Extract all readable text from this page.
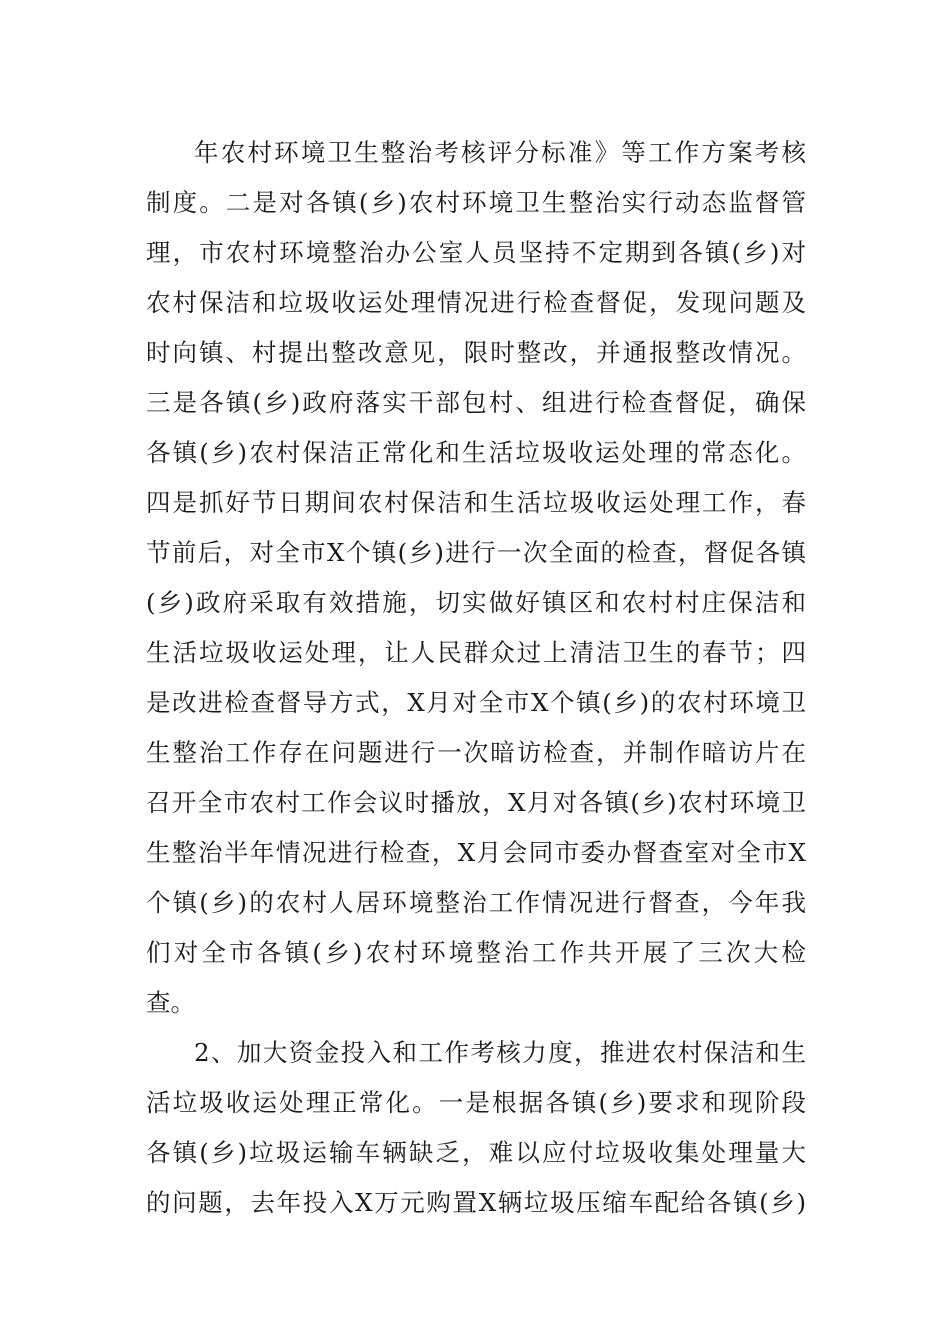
年农村环境卫生整治考核评分标准》等工作方案考核
制度。二是对各镇(乡)农村环境卫生整治实行动态监督管
理，市农村环境整治办公室人员坚持不定期到各镇(乡)对
农村保洁和垃圾收运处理情况进行检查督促，发现问题及
时向镇、村提出整改意见，限时整改，并通报整改情况。
三是各镇(乡)政府落实干部包村、组进行检查督促，确保
各镇(乡)农村保洁正常化和生活垃圾收运处理的常态化。
四是抓好节日期间农村保洁和生活垃圾收运处理工作，春
节前后，对全市X个镇(乡)进行一次全面的检查，督促各镇
(乡)政府采取有效措施，切实做好镇区和农村村庄保洁和
生活垃圾收运处理，让人民群众过上清洁卫生的春节；四
是改进检查督导方式，X月对全市X个镇(乡)的农村环境卫
生整治工作存在问题进行一次暗访检查，并制作暗访片在
召开全市农村工作会议时播放，X月对各镇(乡)农村环境卫
生整治半年情况进行检查，X月会同市委办督查室对全市X
个镇(乡)的农村人居环境整治工作情况进行督查，今年我
们对全市各镇(乡)农村环境整治工作共开展了三次大检
查。
2、加大资金投入和工作考核力度，推进农村保洁和生
活垃圾收运处理正常化。一是根据各镇(乡)要求和现阶段
各镇(乡)垃圾运输车辆缺乏，难以应付垃圾收集处理量大
的问题，去年投入X万元购置X辆垃圾压缩车配给各镇(乡)
